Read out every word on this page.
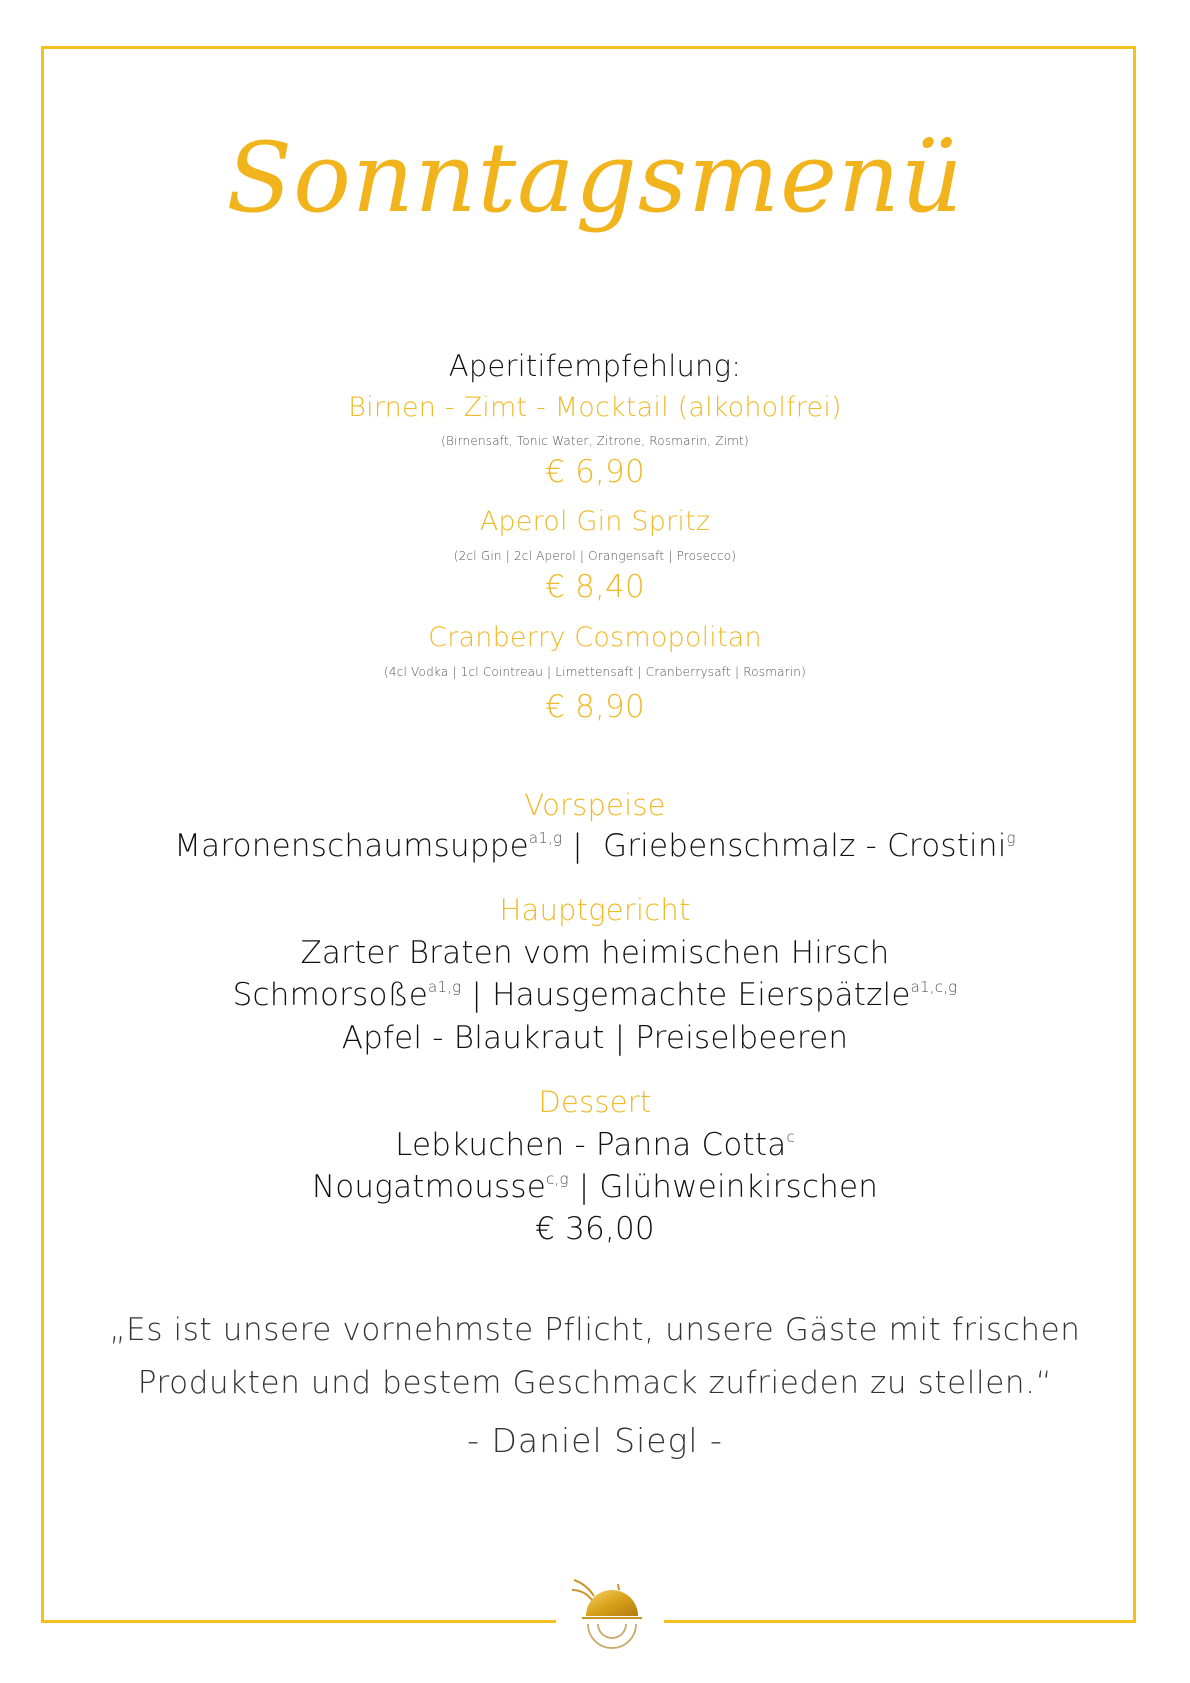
Sonntagsmenü
Aperitifempfehlung:
Birnen - Zimt - Mocktail (alkoholfrei)
(Birnensaft, Tonic Water, Zitrone, Rosmarin, Zimt)
€ 6,90
Aperol Gin Spritz
(2cl Gin | 2cl Aperol | Orangensaft | Prosecco)
€ 8,40
Cranberry Cosmopolitan
(4cl Vodka | 1cl Cointreau | Limettensaft | Cranberrysaft | Rosmarin)
€ 8,90
Vorspeise
Maronenschaumsuppe$^{a1,g}$ |  Griebenschmalz - Crostini$^g$
Hauptgericht
Zarter Braten vom heimischen Hirsch
Schmorsoße$^{a1,g}$ | Hausgemachte Eierspätzle$^{a1,c,g}$
Apfel - Blaukraut | Preiselbeeren
Dessert
Lebkuchen - Panna Cotta$^c$
Nougatmousse$^{c,g}$ | Glühweinkirschen
€ 36,00
„Es ist unsere vornehmste Pflicht, unsere Gäste mit frischen
Produkten und bestem Geschmack zufrieden zu stellen.“
- Daniel Siegl -
